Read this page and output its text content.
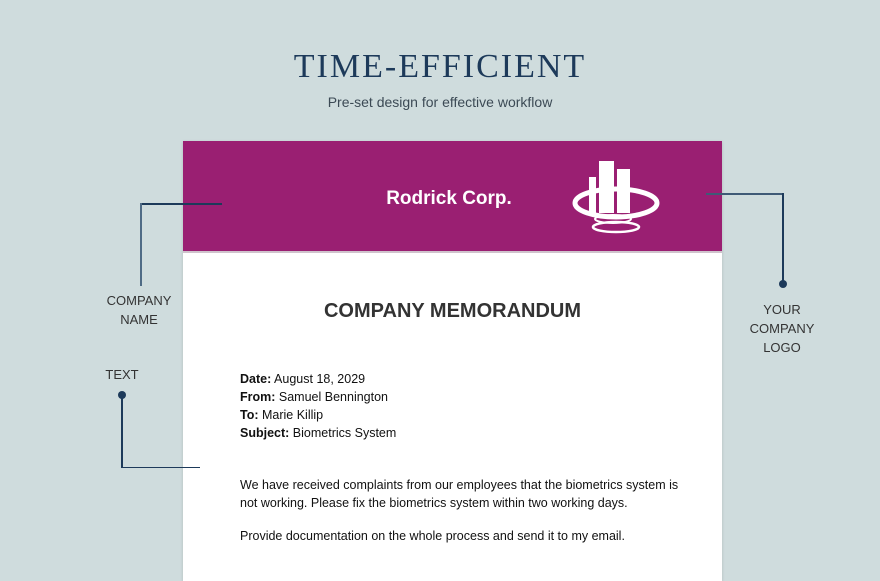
TIME-EFFICIENT
Pre-set design for effective workflow
Rodrick Corp.
COMPANY MEMORANDUM
Date: August 18, 2029
From: Samuel Bennington
To: Marie Killip
Subject: Biometrics System
We have received complaints from our employees that the biometrics system is not working. Please fix the biometrics system within two working days.
Provide documentation on the whole process and send it to my email.
COMPANY NAME
TEXT
YOUR COMPANY LOGO
